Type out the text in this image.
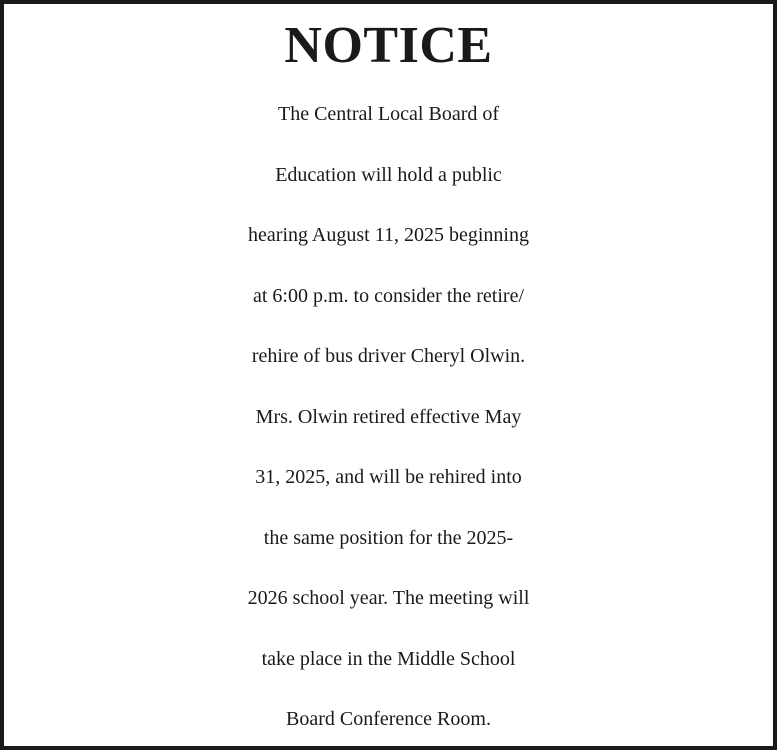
NOTICE
The Central Local Board of
Education will hold a public
hearing August 11, 2025 beginning
at 6:00 p.m. to consider the retire/
rehire of bus driver Cheryl Olwin.
Mrs. Olwin retired effective May
31, 2025, and will be rehired into
the same position for the 2025-
2026 school year. The meeting will
take place in the Middle School
Board Conference Room.
